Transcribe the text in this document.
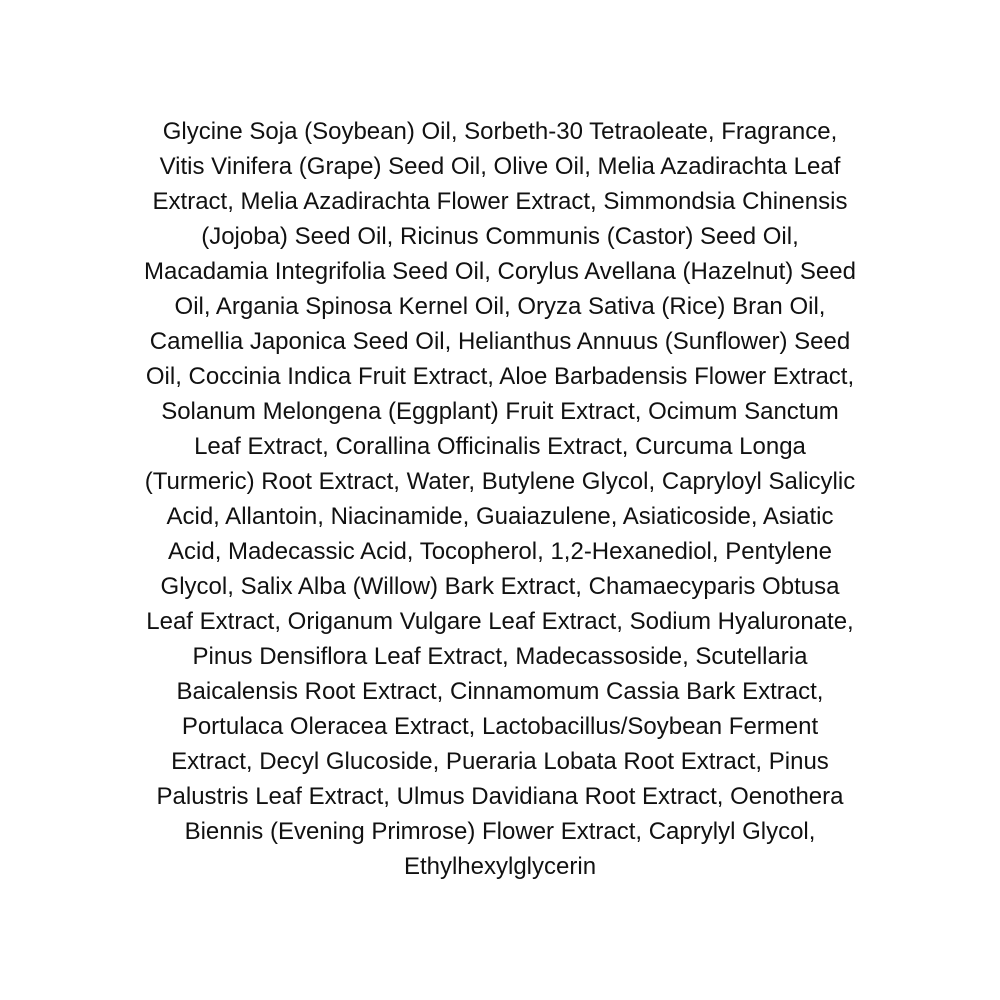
Glycine Soja (Soybean) Oil, Sorbeth-30 Tetraoleate, Fragrance,
Vitis Vinifera (Grape) Seed Oil, Olive Oil, Melia Azadirachta Leaf
Extract, Melia Azadirachta Flower Extract, Simmondsia Chinensis
(Jojoba) Seed Oil, Ricinus Communis (Castor) Seed Oil,
Macadamia Integrifolia Seed Oil, Corylus Avellana (Hazelnut) Seed
Oil, Argania Spinosa Kernel Oil, Oryza Sativa (Rice) Bran Oil,
Camellia Japonica Seed Oil, Helianthus Annuus (Sunflower) Seed
Oil, Coccinia Indica Fruit Extract, Aloe Barbadensis Flower Extract,
Solanum Melongena (Eggplant) Fruit Extract, Ocimum Sanctum
Leaf Extract, Corallina Officinalis Extract, Curcuma Longa
(Turmeric) Root Extract, Water, Butylene Glycol, Capryloyl Salicylic
Acid, Allantoin, Niacinamide, Guaiazulene, Asiaticoside, Asiatic
Acid, Madecassic Acid, Tocopherol, 1,2-Hexanediol, Pentylene
Glycol, Salix Alba (Willow) Bark Extract, Chamaecyparis Obtusa
Leaf Extract, Origanum Vulgare Leaf Extract, Sodium Hyaluronate,
Pinus Densiflora Leaf Extract, Madecassoside, Scutellaria
Baicalensis Root Extract, Cinnamomum Cassia Bark Extract,
Portulaca Oleracea Extract, Lactobacillus/Soybean Ferment
Extract, Decyl Glucoside, Pueraria Lobata Root Extract, Pinus
Palustris Leaf Extract, Ulmus Davidiana Root Extract, Oenothera
Biennis (Evening Primrose) Flower Extract, Caprylyl Glycol,
Ethylhexylglycerin
